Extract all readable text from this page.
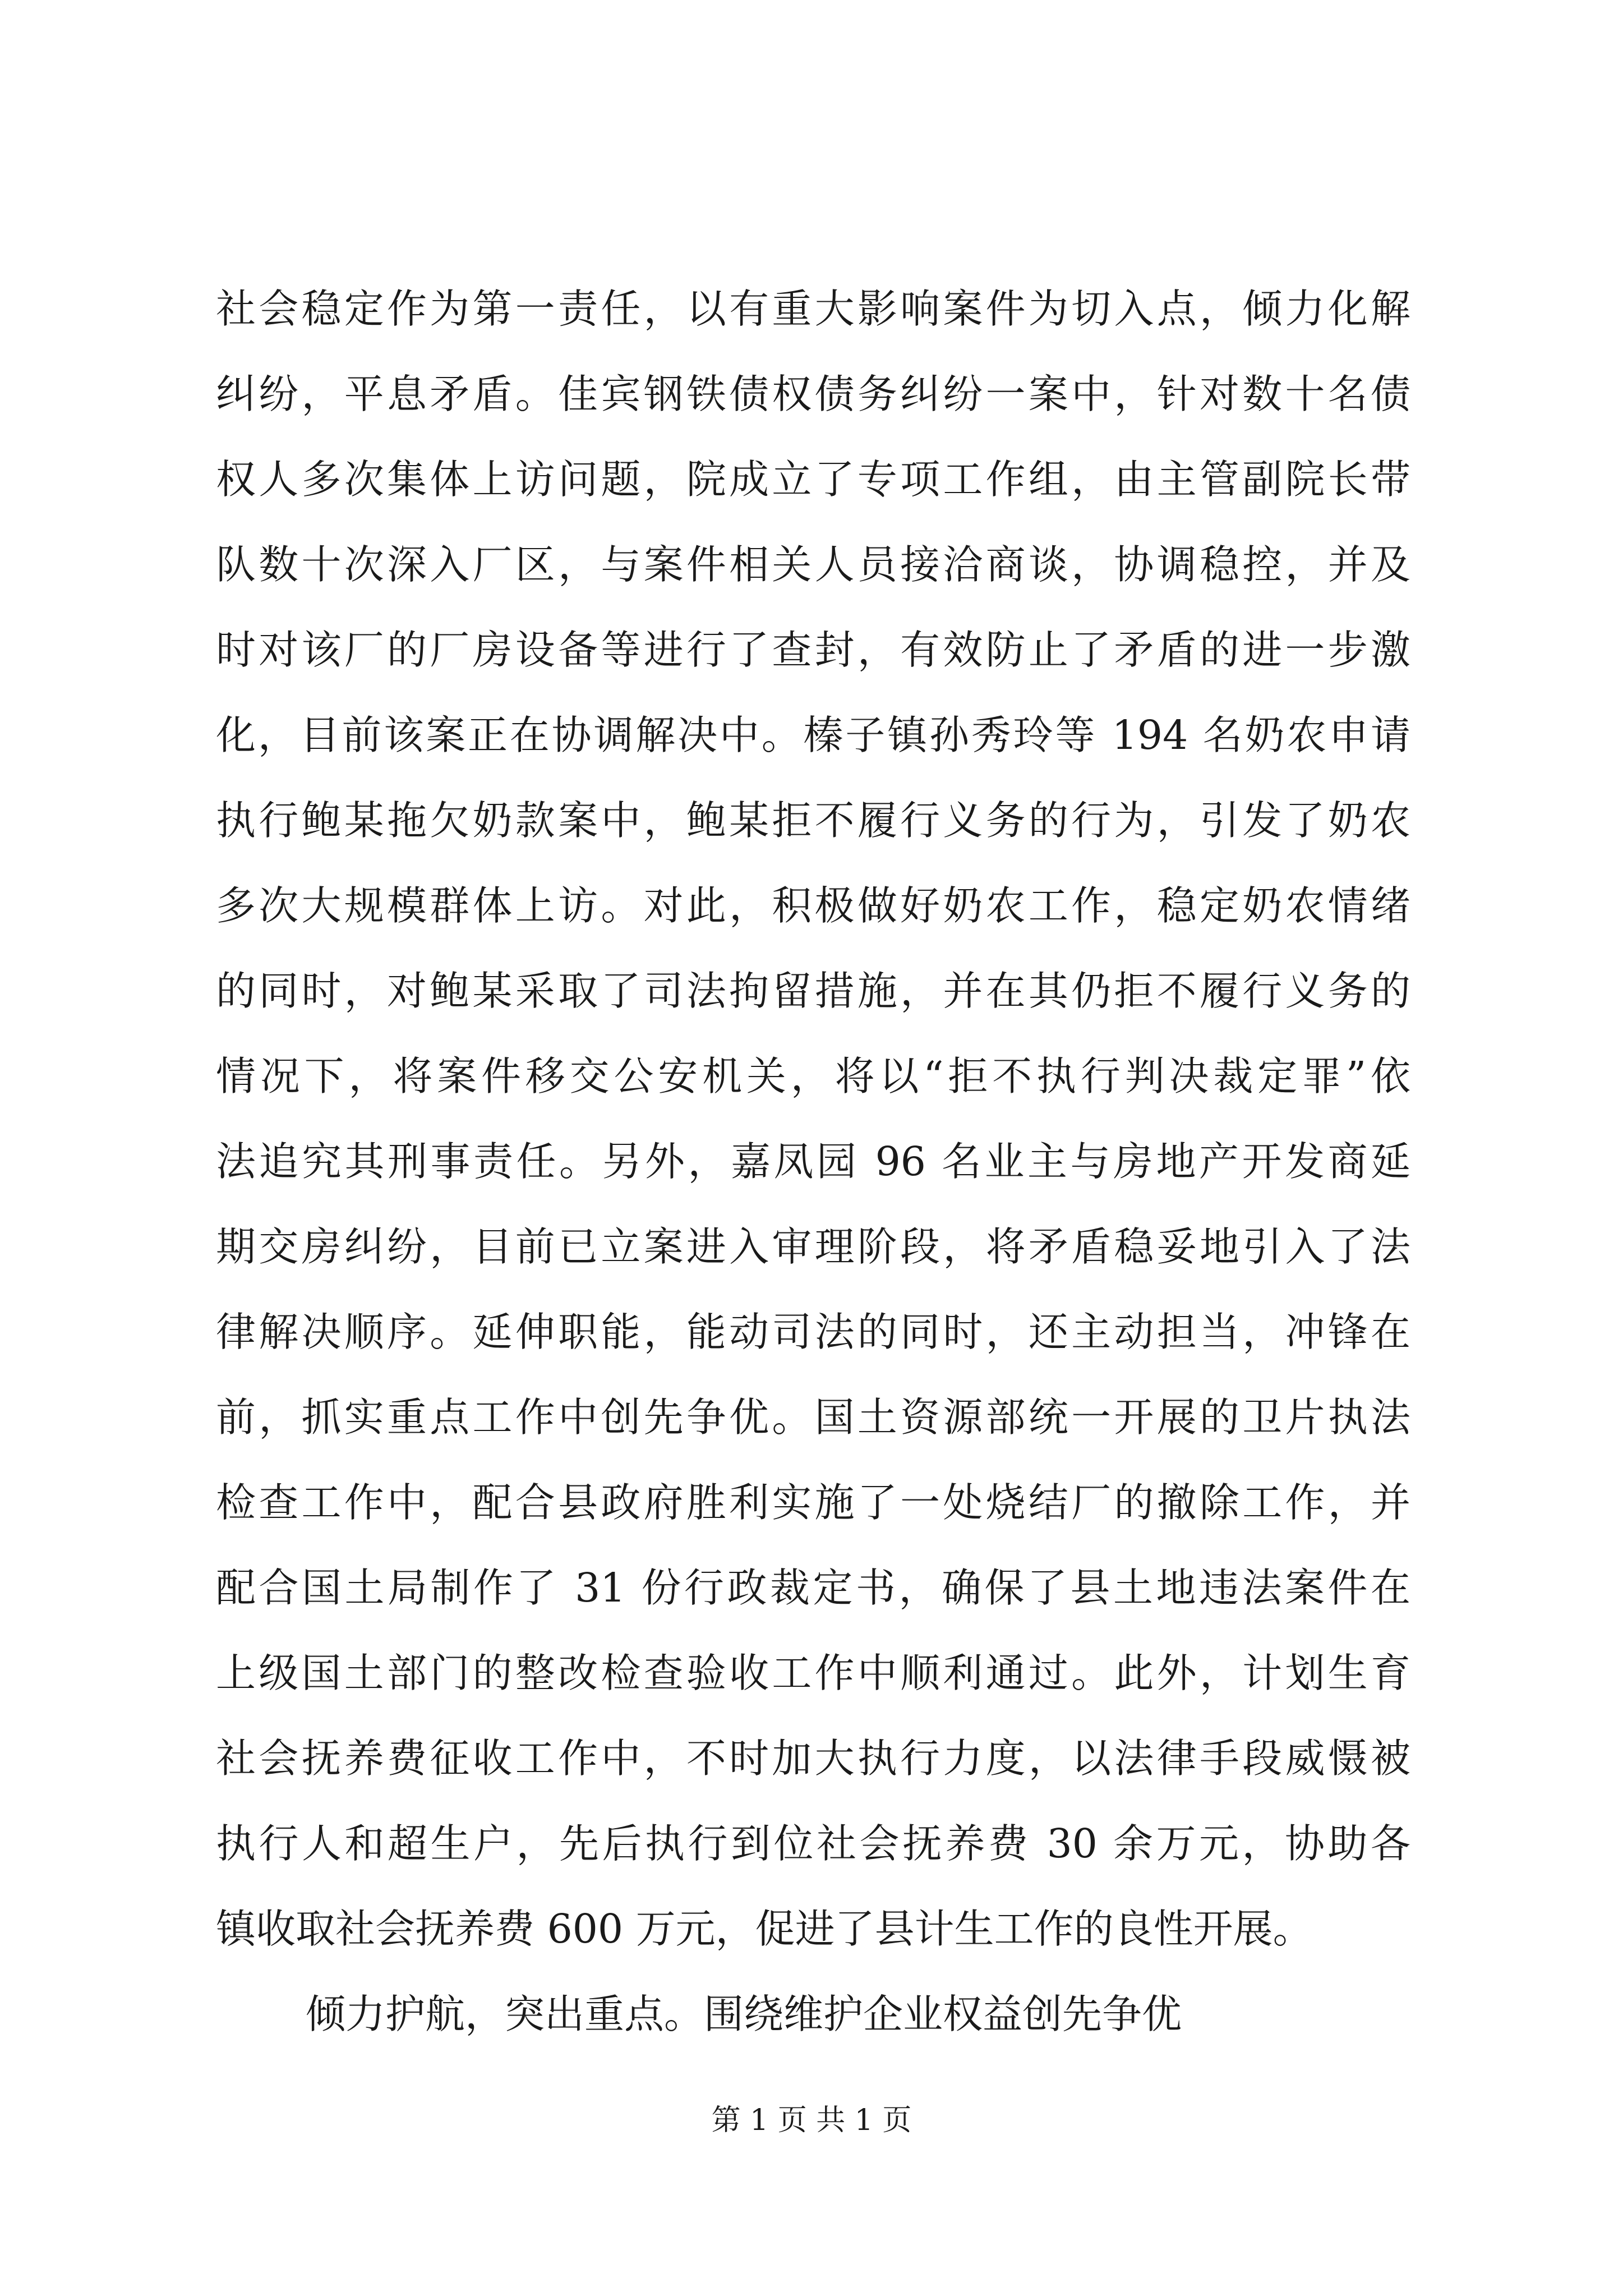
社会稳定作为第一责任，以有重大影响案件为切入点，倾力化解
纠纷，平息矛盾。佳宾钢铁债权债务纠纷一案中，针对数十名债
权人多次集体上访问题，院成立了专项工作组，由主管副院长带
队数十次深入厂区，与案件相关人员接洽商谈，协调稳控，并及
时对该厂的厂房设备等进行了查封，有效防止了矛盾的进一步激
化，目前该案正在协调解决中。榛子镇孙秀玲等 194 名奶农申请
执行鲍某拖欠奶款案中，鲍某拒不履行义务的行为，引发了奶农
多次大规模群体上访。对此，积极做好奶农工作，稳定奶农情绪
的同时，对鲍某采取了司法拘留措施，并在其仍拒不履行义务的
情况下，将案件移交公安机关，将以“拒不执行判决裁定罪”依
法追究其刑事责任。另外，嘉凤园 96 名业主与房地产开发商延
期交房纠纷，目前已立案进入审理阶段，将矛盾稳妥地引入了法
律解决顺序。延伸职能，能动司法的同时，还主动担当，冲锋在
前，抓实重点工作中创先争优。国土资源部统一开展的卫片执法
检查工作中，配合县政府胜利实施了一处烧结厂的撤除工作，并
配合国土局制作了 31 份行政裁定书，确保了县土地违法案件在
上级国土部门的整改检查验收工作中顺利通过。此外，计划生育
社会抚养费征收工作中，不时加大执行力度，以法律手段威慑被
执行人和超生户，先后执行到位社会抚养费 30 余万元，协助各
镇收取社会抚养费 600 万元，促进了县计生工作的良性开展。
倾力护航，突出重点。围绕维护企业权益创先争优
第 1 页 共 1 页
